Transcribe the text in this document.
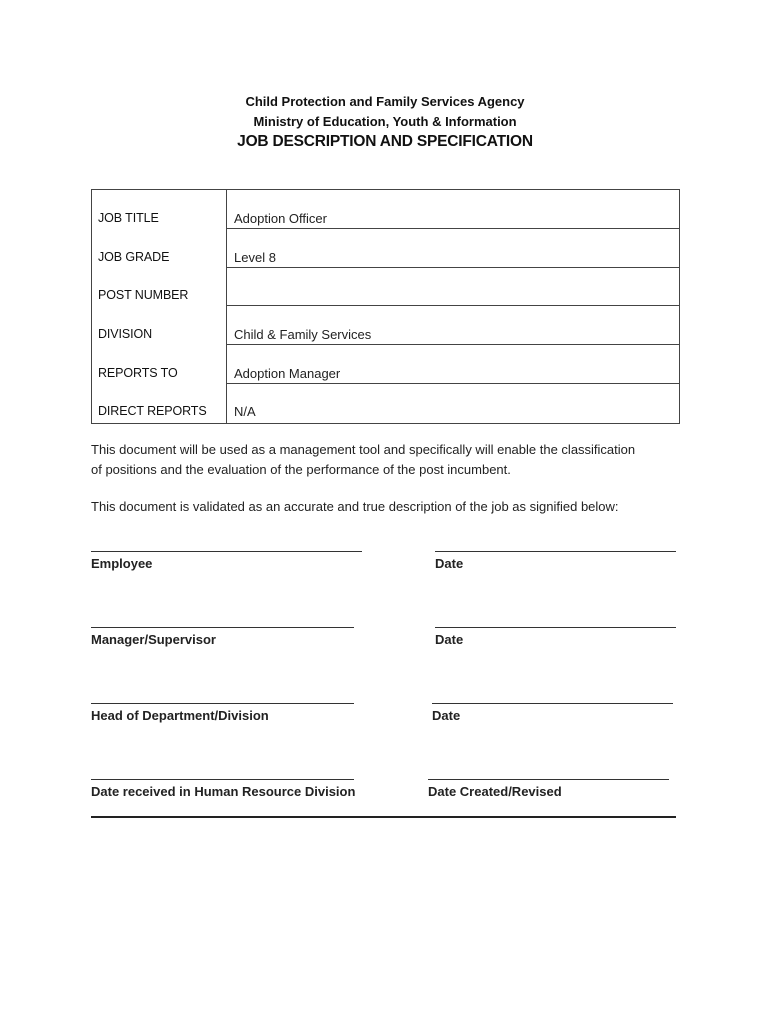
Child Protection and Family Services Agency
Ministry of Education, Youth & Information
JOB DESCRIPTION AND SPECIFICATION
JOB TITLE	Adoption Officer
JOB GRADE	Level 8
POST NUMBER
DIVISION	Child & Family Services
REPORTS TO	Adoption Manager
DIRECT REPORTS N/A
This document will be used as a management tool and specifically will enable the classification
of positions and the evaluation of the performance of the post incumbent.
This document is validated as an accurate and true description of the job as signified below:
Employee	Date
Manager/Supervisor	Date
Head of Department/Division	Date
Date received in Human Resource Division	Date Created/Revised
